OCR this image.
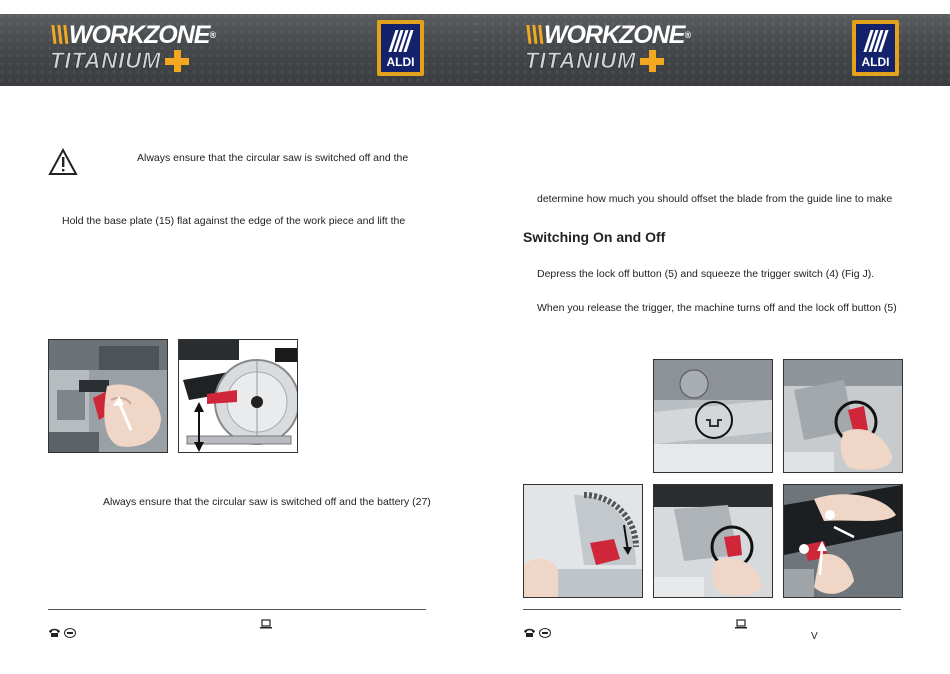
\\\WORKZONE®
TITANIUM	ALDI
Always ensure that the circular saw is switched off and the
Hold the base plate (15) flat against the edge of the work piece and lift the
Always ensure that the circular saw is switched off and the battery (27)
\\\WORKZONE®
TITANIUM	ALDI
determine how much you should offset the blade from the guide line to make
Switching On and Off
Depress the lock off button (5) and squeeze the trigger switch (4) (Fig J).
When you release the trigger, the machine turns off and the lock off button (5)
V
